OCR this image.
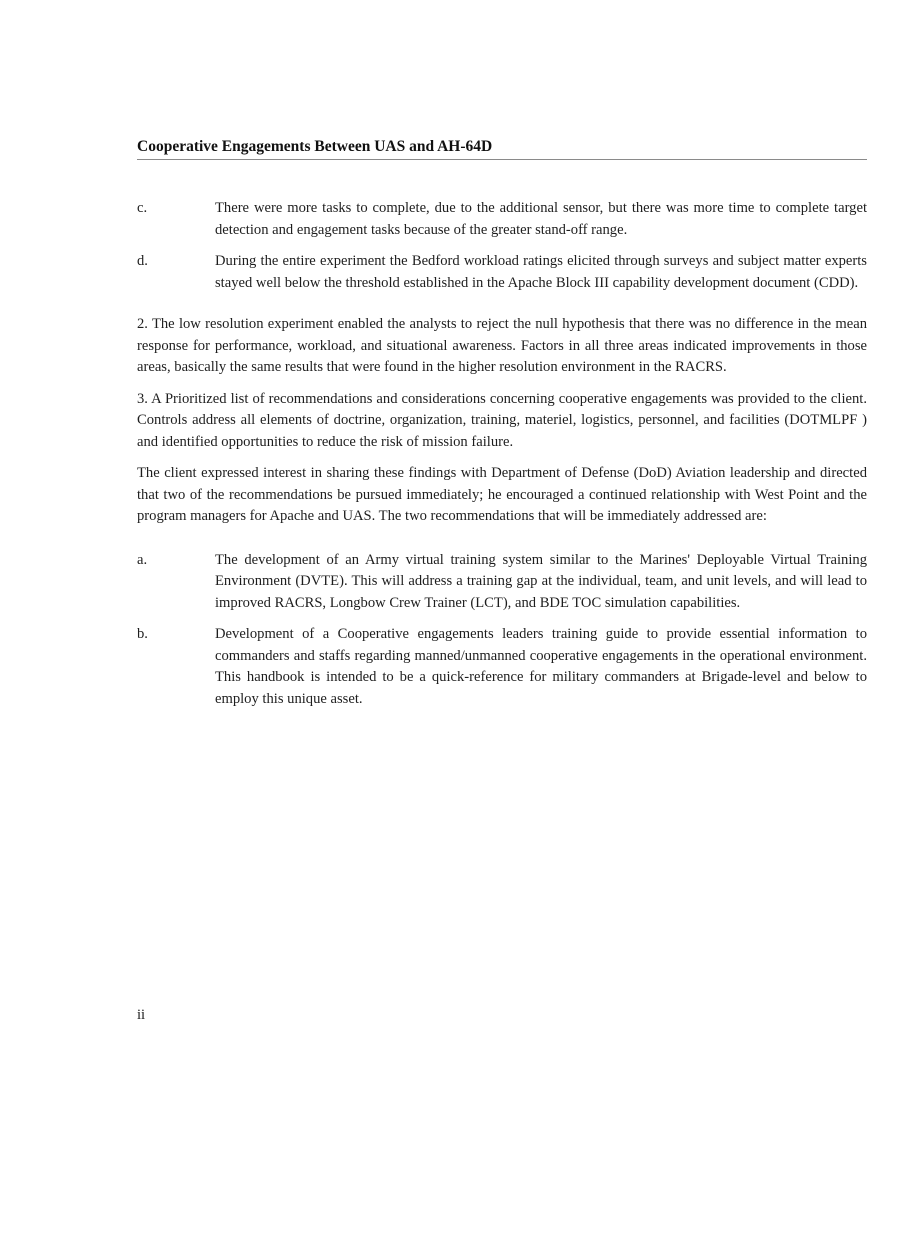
Cooperative Engagements Between UAS and AH-64D
c.	There were more tasks to complete, due to the additional sensor, but there was more time to complete target detection and engagement tasks because of the greater stand-off range.
d.	During the entire experiment the Bedford workload ratings elicited through surveys and subject matter experts stayed well below the threshold established in the Apache Block III capability development document (CDD).

2. The low resolution experiment enabled the analysts to reject the null hypothesis that there was no difference in the mean response for performance, workload, and situational awareness. Factors in all three areas indicated improvements in those areas, basically the same results that were found in the higher resolution environment in the RACRS.

3. A Prioritized list of recommendations and considerations concerning cooperative engagements was provided to the client. Controls address all elements of doctrine, organization, training, materiel, logistics, personnel, and facilities (DOTMLPF ) and identified opportunities to reduce the risk of mission failure.

The client expressed interest in sharing these findings with Department of Defense (DoD) Aviation leadership and directed that two of the recommendations be pursued immediately; he encouraged a continued relationship with West Point and the program managers for Apache and UAS. The two recommendations that will be immediately addressed are:

a.	The development of an Army virtual training system similar to the Marines' Deployable Virtual Training Environment (DVTE). This will address a training gap at the individual, team, and unit levels, and will lead to improved RACRS, Longbow Crew Trainer (LCT), and BDE TOC simulation capabilities.
b.	Development of a Cooperative engagements leaders training guide to provide essential information to commanders and staffs regarding manned/unmanned cooperative engagements in the operational environment. This handbook is intended to be a quick-reference for military commanders at Brigade-level and below to employ this unique asset.
ii
